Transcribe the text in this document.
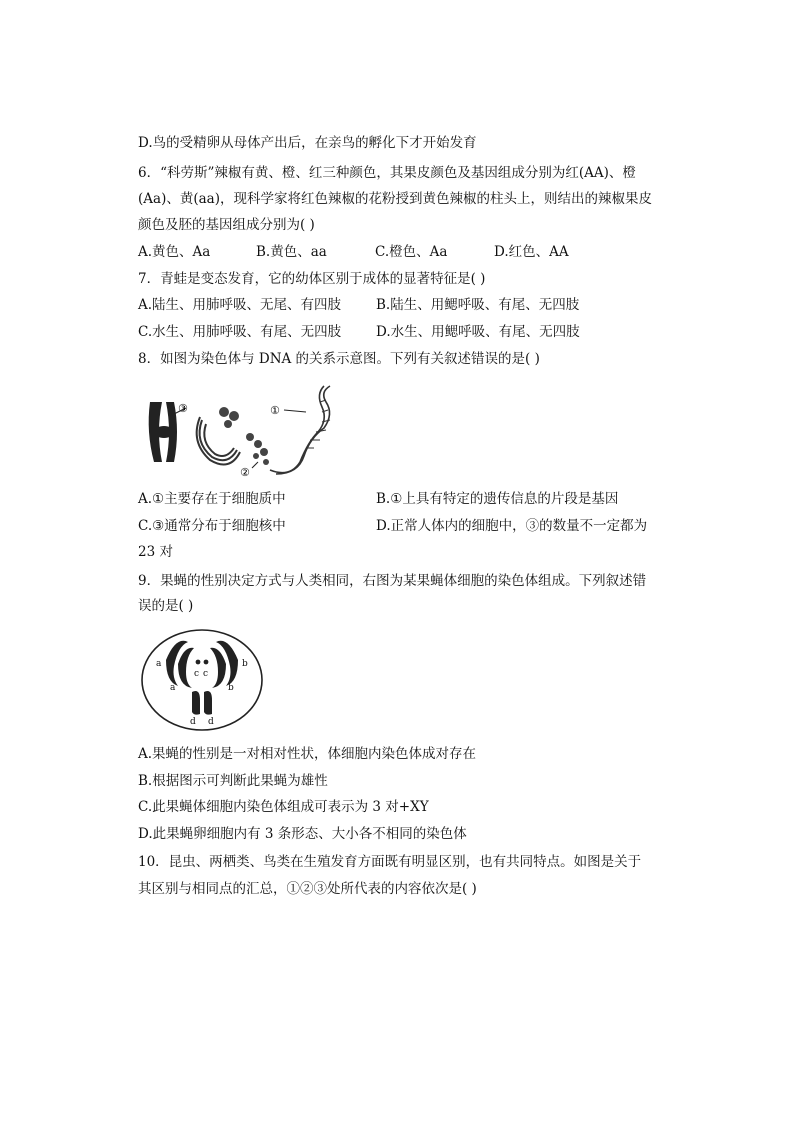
D.鸟的受精卵从母体产出后，在亲鸟的孵化下才开始发育
6．“科劳斯”辣椒有黄、橙、红三种颜色，其果皮颜色及基因组成分别为红(AA)、橙
(Aa)、黄(aa)，现科学家将红色辣椒的花粉授到黄色辣椒的柱头上，则结出的辣椒果皮
颜色及胚的基因组成分别为( )
A.黄色、Aa	B.黄色、aa	C.橙色、Aa	D.红色、AA
7．青蛙是变态发育，它的幼体区别于成体的显著特征是( )
A.陆生、用肺呼吸、无尾、有四肢	B.陆生、用鳃呼吸、有尾、无四肢
C.水生、用肺呼吸、有尾、无四肢	D.水生、用鳃呼吸、有尾、无四肢
8．如图为染色体与 DNA 的关系示意图。下列有关叙述错误的是( )
③	①
②
A.①主要存在于细胞质中	B.①上具有特定的遗传信息的片段是基因
C.③通常分布于细胞核中	D.正常人体内的细胞中，③的数量不一定都为
23 对
9．果蝇的性别决定方式与人类相同，右图为某果蝇体细胞的染色体组成。下列叙述错
误的是( )
a
a
c c
b
b
d d
A.果蝇的性别是一对相对性状，体细胞内染色体成对存在
B.根据图示可判断此果蝇为雄性
C.此果蝇体细胞内染色体组成可表示为 3 对+XY
D.此果蝇卵细胞内有 3 条形态、大小各不相同的染色体
10．昆虫、两栖类、鸟类在生殖发育方面既有明显区别，也有共同特点。如图是关于
其区别与相同点的汇总，①②③处所代表的内容依次是( )
